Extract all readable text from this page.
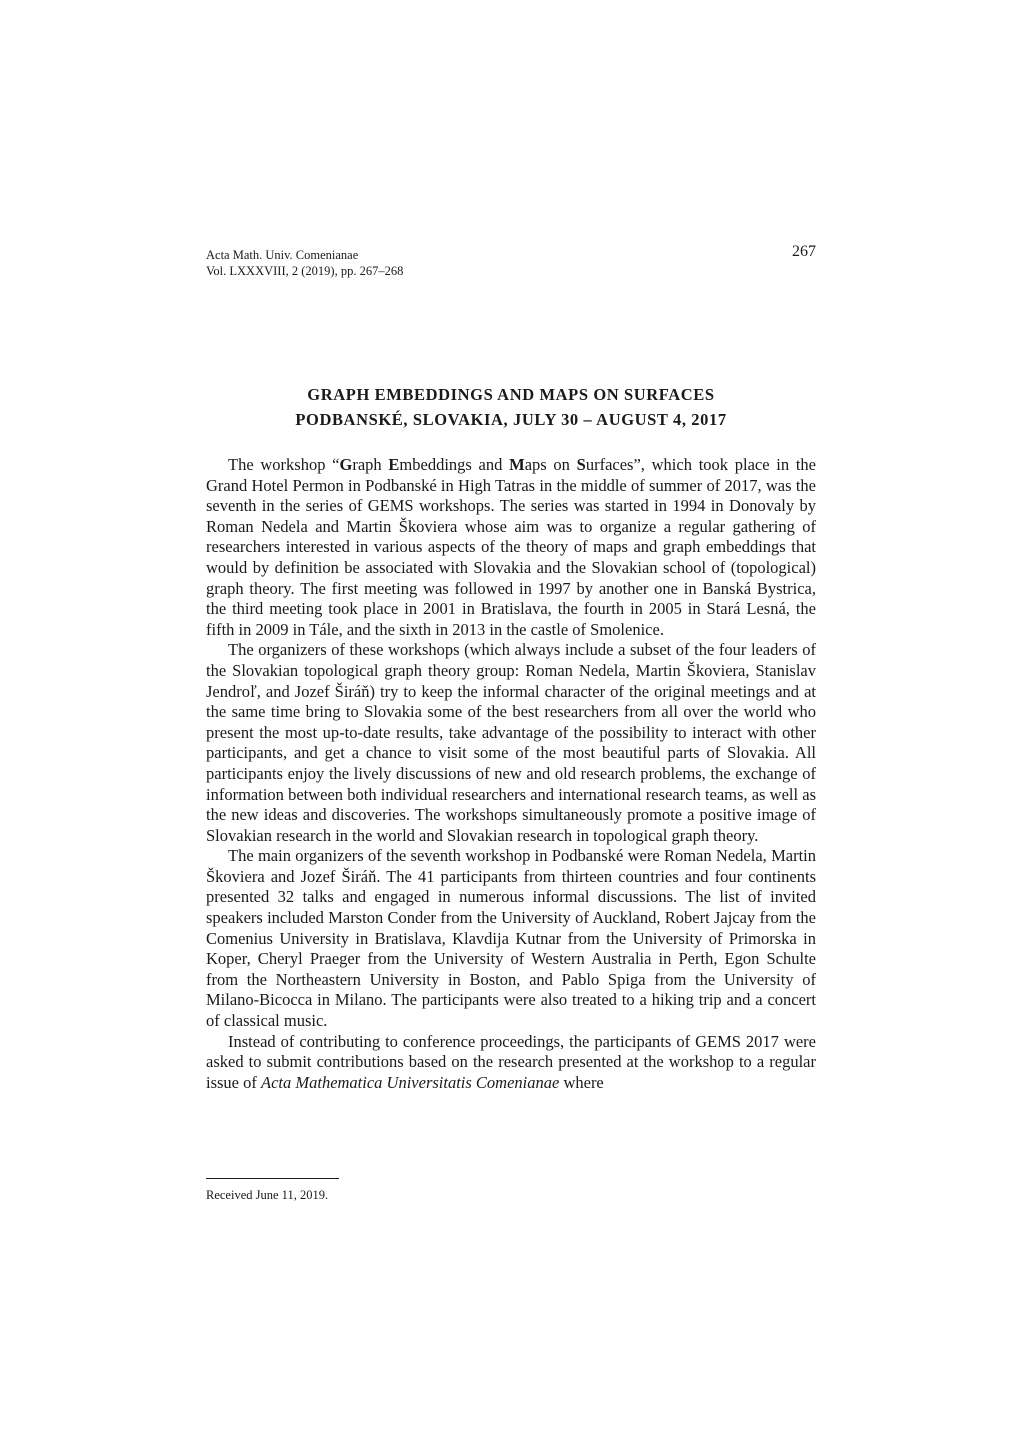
Acta Math. Univ. Comenianae
Vol. LXXXVIII, 2 (2019), pp. 267–268
267
GRAPH EMBEDDINGS AND MAPS ON SURFACES
PODBANSKÉ, SLOVAKIA, JULY 30 – AUGUST 4, 2017

The workshop “Graph Embeddings and Maps on Surfaces”, which took place in the Grand Hotel Permon in Podbanské in High Tatras in the middle of summer of 2017, was the seventh in the series of GEMS workshops. The series was started in 1994 in Donovaly by Roman Nedela and Martin Škoviera whose aim was to organize a regular gathering of researchers interested in various aspects of the theory of maps and graph embeddings that would by definition be associated with Slovakia and the Slovakian school of (topological) graph theory. The first meeting was followed in 1997 by another one in Banská Bystrica, the third meeting took place in 2001 in Bratislava, the fourth in 2005 in Stará Lesná, the fifth in 2009 in Tále, and the sixth in 2013 in the castle of Smolenice.

The organizers of these workshops (which always include a subset of the four leaders of the Slovakian topological graph theory group: Roman Nedela, Martin Škoviera, Stanislav Jendroľ, and Jozef Širáň) try to keep the informal character of the original meetings and at the same time bring to Slovakia some of the best researchers from all over the world who present the most up-to-date results, take advantage of the possibility to interact with other participants, and get a chance to visit some of the most beautiful parts of Slovakia. All participants enjoy the lively discussions of new and old research problems, the exchange of information between both individual researchers and international research teams, as well as the new ideas and discoveries. The workshops simultaneously promote a positive image of Slovakian research in the world and Slovakian research in topological graph theory.

The main organizers of the seventh workshop in Podbanské were Roman Nedela, Martin Škoviera and Jozef Širáň. The 41 participants from thirteen countries and four continents presented 32 talks and engaged in numerous informal discussions. The list of invited speakers included Marston Conder from the University of Auckland, Robert Jajcay from the Comenius University in Bratislava, Klavdija Kutnar from the University of Primorska in Koper, Cheryl Praeger from the University of Western Australia in Perth, Egon Schulte from the Northeastern University in Boston, and Pablo Spiga from the University of Milano-Bicocca in Milano. The participants were also treated to a hiking trip and a concert of classical music.

Instead of contributing to conference proceedings, the participants of GEMS 2017 were asked to submit contributions based on the research presented at the workshop to a regular issue of Acta Mathematica Universitatis Comenianae where

Received June 11, 2019.
